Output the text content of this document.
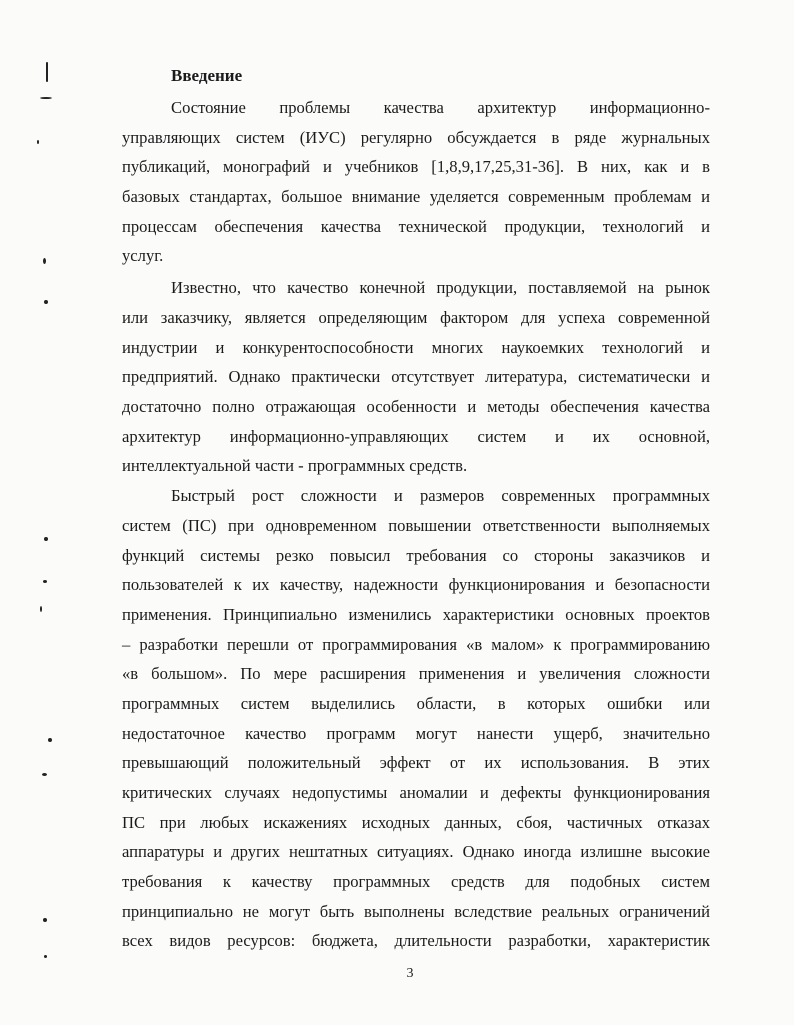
Введение
Состояние проблемы качества архитектур информационно-
управляющих систем (ИУС) регулярно обсуждается в ряде журнальных
публикаций, монографий и учебников [1,8,9,17,25,31-36]. В них, как и в
базовых стандартах, большое внимание уделяется современным проблемам и
процессам обеспечения качества технической продукции, технологий и
услуг.
Известно, что качество конечной продукции, поставляемой на рынок
или заказчику, является определяющим фактором для успеха современной
индустрии и конкурентоспособности многих наукоемких технологий и
предприятий. Однако практически отсутствует литература, систематически и
достаточно полно отражающая особенности и методы обеспечения качества
архитектур информационно-управляющих систем и их основной,
интеллектуальной части - программных средств.
Быстрый рост сложности и размеров современных программных
систем (ПС) при одновременном повышении ответственности выполняемых
функций системы резко повысил требования со стороны заказчиков и
пользователей к их качеству, надежности функционирования и безопасности
применения. Принципиально изменились характеристики основных проектов
– разработки перешли от программирования «в малом» к программированию
«в большом». По мере расширения применения и увеличения сложности
программных систем выделились области, в которых ошибки или
недостаточное качество программ могут нанести ущерб, значительно
превышающий положительный эффект от их использования. В этих
критических случаях недопустимы аномалии и дефекты функционирования
ПС при любых искажениях исходных данных, сбоя, частичных отказах
аппаратуры и других нештатных ситуациях. Однако иногда излишне высокие
требования к качеству программных средств для подобных систем
принципиально не могут быть выполнены вследствие реальных ограничений
всех видов ресурсов: бюджета, длительности разработки, характеристик
3
